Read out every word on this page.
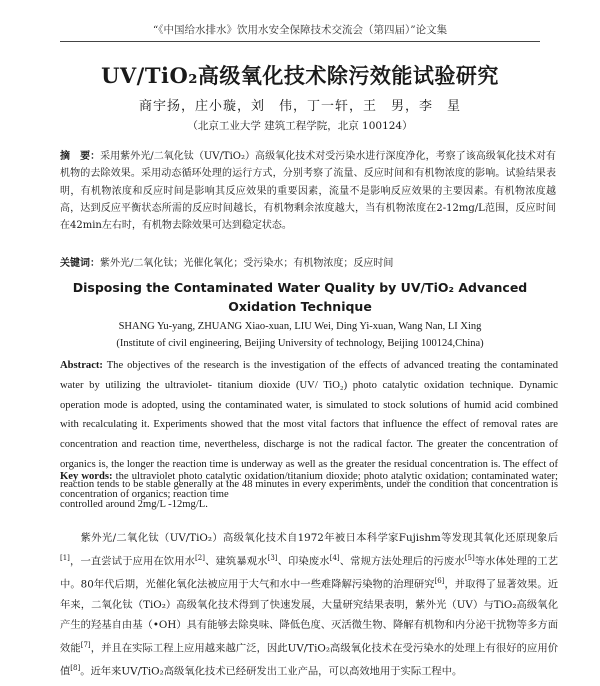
“《中国给水排水》饮用水安全保障技术交流会（第四届）”论文集
UV/TiO₂高级氧化技术除污效能试验研究
商宇扬，庄小璇，刘　伟，丁一轩，王　男，李　星
（北京工业大学 建筑工程学院，北京 100124）
摘　要：采用紫外光/二氧化钛（UV/TiO₂）高级氧化技术对受污染水进行深度净化，考察了该高级氧化技术对有机物的去除效果。采用动态循环处理的运行方式，分别考察了流量、反应时间和有机物浓度的影响。试验结果表明，有机物浓度和反应时间是影响其反应效果的重要因素，流量不是影响反应效果的主要因素。有机物浓度越高，达到反应平衡状态所需的反应时间越长，有机物剩余浓度越大，当有机物浓度在2-12mg/L范围，反应时间在42min左右时，有机物去除效果可达到稳定状态。
关键词：紫外光/二氧化钛；光催化氧化；受污染水；有机物浓度；反应时间
Disposing the Contaminated Water Quality by UV/TiO₂ Advanced Oxidation Technique
SHANG Yu-yang, ZHUANG Xiao-xuan, LIU Wei, Ding Yi-xuan, Wang Nan, LI Xing
(Institute of civil engineering, Beijing University of technology, Beijing 100124,China)
Abstract: The objectives of the research is the investigation of the effects of advanced treating the contaminated water by utilizing the ultraviolet- titanium dioxide (UV/ TiO₂) photo catalytic oxidation technique. Dynamic operation mode is adopted, using the contaminated water, is simulated to stock solutions of humid acid combined with recalculating it. Experiments showed that the most vital factors that influence the effect of removal rates are concentration and reaction time, nevertheless, discharge is not the radical factor. The greater the concentration of organics is, the longer the reaction time is underway as well as the greater the residual concentration is. The effect of reaction tends to be stable generally at the 48 minutes in every experiments, under the condition that concentration is controlled around 2mg/L -12mg/L.
Key words: the ultraviolet photo catalytic oxidation/titanium dioxide; photo atalytic oxidation; contaminated water; concentration of organics; reaction time

紫外光/二氧化钛（UV/TiO₂）高级氧化技术自1972年被日本科学家Fujishm等发现其氧化还原现象后[1]，一直尝试于应用在饮用水[2]、建筑暴观水[3]、印染废水[4]、常规方法处理后的污废水[5]等水体处理的工艺中。80年代后期，光催化氧化法被应用于大气和水中一些难降解污染物的治理研究[6]，并取得了显著效果。近年来，二氧化钛（TiO₂）高级氧化技术得到了快速发展，大量研究结果表明，紫外光（UV）与TiO₂高级氧化产生的羟基自由基（•OH）具有能够去除臭味、降低色度、灭活微生物、降解有机物和内分泌干扰物等多方面效能[7]，并且在实际工程上应用越来越广泛，因此UV/TiO₂高级氧化技术在受污染水的处理上有很好的应用价值[8]。近年来UV/TiO₂高级氧化技术已经研发出工业产品，可以高效地用于实际工程中。
